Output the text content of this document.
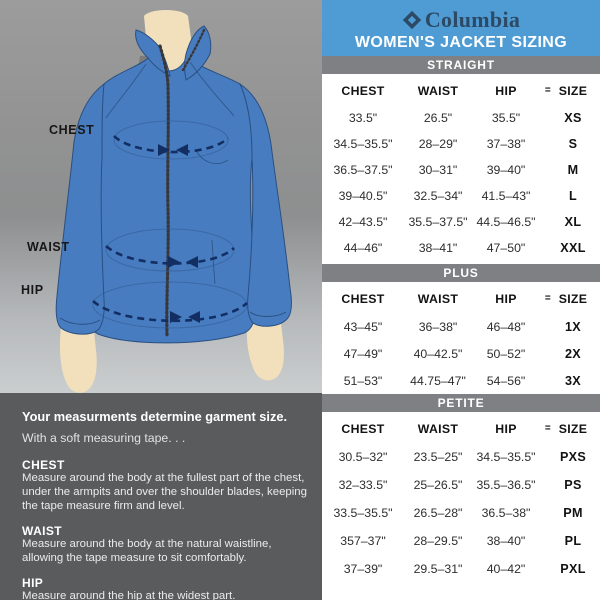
CHEST
WAIST
HIP
Your measurments determine garment size.
With a soft measuring tape. . .
CHEST
Measure around the body at the fullest part of the chest, under the armpits and over the shoulder blades, keeping the tape measure firm and level.
WAIST
Measure around the body at the natural waistline, allowing the tape measure to sit comfortably.
HIP
Measure around the hip at the widest part.
Columbia
WOMEN'S JACKET SIZING
STRAIGHT
CHEST	WAIST	HIP	= SIZE
33.5"	26.5"	35.5"	XS
34.5–35.5"	28–29"	37–38"	S
36.5–37.5"	30–31"	39–40"	M
39–40.5"	32.5–34"	41.5–43"	L
42–43.5"	35.5–37.5" 44.5–46.5"	XL
44–46"	38–41"	47–50"	XXL
PLUS
CHEST	WAIST	HIP	= SIZE
43–45"	36–38"	46–48"	1X
47–49"	40–42.5"	50–52"	2X
51–53"	44.75–47"	54–56"	3X
PETITE
CHEST	WAIST	HIP	= SIZE
30.5–32"	23.5–25"	34.5–35.5" PXS
32–33.5"	25–26.5"	35.5–36.5"	PS
33.5–35.5"	26.5–28"	36.5–38"	PM
357–37"	28–29.5"	38–40"	PL
37–39"	29.5–31"	40–42"	PXL
